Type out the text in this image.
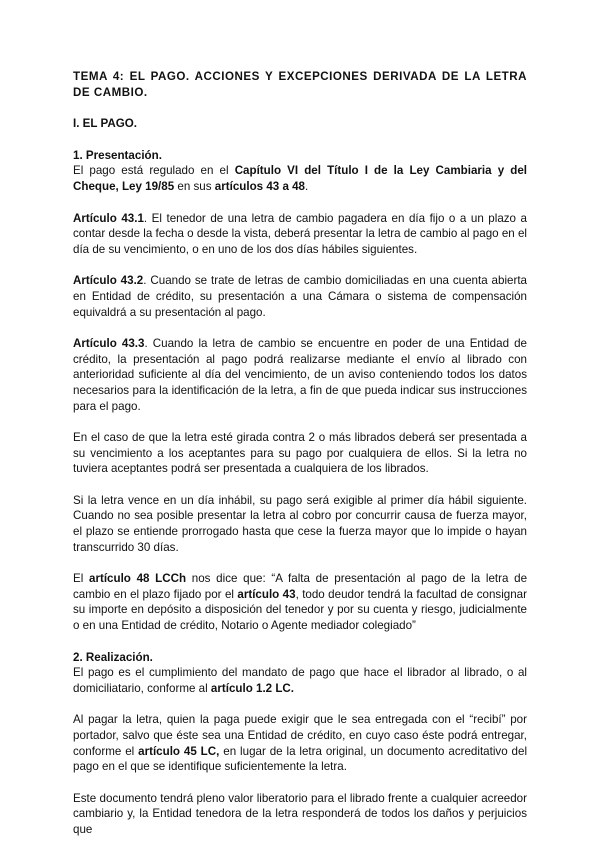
TEMA 4: EL PAGO. ACCIONES Y EXCEPCIONES DERIVADA DE LA LETRA DE CAMBIO.

I. EL PAGO.

1. Presentación.

El pago está regulado en el Capítulo VI del Título I de la Ley Cambiaria y del Cheque, Ley 19/85 en sus artículos 43 a 48.

Artículo 43.1. El tenedor de una letra de cambio pagadera en día fijo o a un plazo a contar desde la fecha o desde la vista, deberá presentar la letra de cambio al pago en el día de su vencimiento, o en uno de los dos días hábiles siguientes.

Artículo 43.2. Cuando se trate de letras de cambio domiciliadas en una cuenta abierta en Entidad de crédito, su presentación a una Cámara o sistema de compensación equivaldrá a su presentación al pago.

Artículo 43.3. Cuando la letra de cambio se encuentre en poder de una Entidad de crédito, la presentación al pago podrá realizarse mediante el envío al librado con anterioridad suficiente al día del vencimiento, de un aviso conteniendo todos los datos necesarios para la identificación de la letra, a fin de que pueda indicar sus instrucciones para el pago.

En el caso de que la letra esté girada contra 2 o más librados deberá ser presentada a su vencimiento a los aceptantes para su pago por cualquiera de ellos. Si la letra no tuviera aceptantes podrá ser presentada a cualquiera de los librados.

Si la letra vence en un día inhábil, su pago será exigible al primer día hábil siguiente. Cuando no sea posible presentar la letra al cobro por concurrir causa de fuerza mayor, el plazo se entiende prorrogado hasta que cese la fuerza mayor que lo impide o hayan transcurrido 30 días.

El artículo 48 LCCh nos dice que: “A falta de presentación al pago de la letra de cambio en el plazo fijado por el artículo 43, todo deudor tendrá la facultad de consignar su importe en depósito a disposición del tenedor y por su cuenta y riesgo, judicialmente o en una Entidad de crédito, Notario o Agente mediador colegiado”

2. Realización.

El pago es el cumplimiento del mandato de pago que hace el librador al librado, o al domiciliatario, conforme al artículo 1.2 LC.

Al pagar la letra, quien la paga puede exigir que le sea entregada con el “recibí” por portador, salvo que éste sea una Entidad de crédito, en cuyo caso éste podrá entregar, conforme el artículo 45 LC, en lugar de la letra original, un documento acreditativo del pago en el que se identifique suficientemente la letra.

Este documento tendrá pleno valor liberatorio para el librado frente a cualquier acreedor cambiario y, la Entidad tenedora de la letra responderá de todos los daños y perjuicios que
